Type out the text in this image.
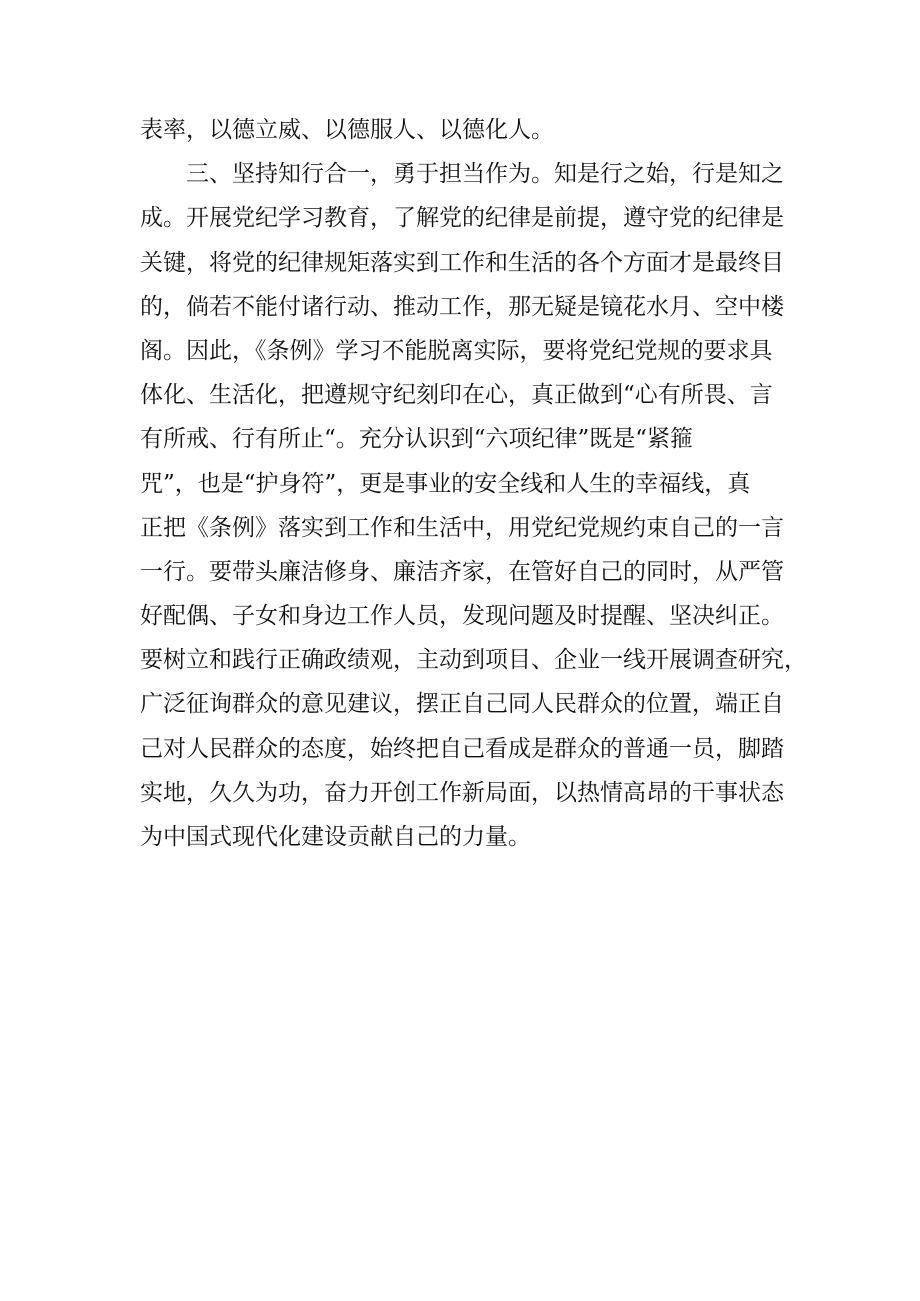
表率，以德立威、以德服人、以德化人。
三、坚持知行合一，勇于担当作为。知是行之始，行是知之
成。开展党纪学习教育，了解党的纪律是前提，遵守党的纪律是
关键，将党的纪律规矩落实到工作和生活的各个方面才是最终目
的，倘若不能付诸行动、推动工作，那无疑是镜花水月、空中楼
阁。因此，《条例》学习不能脱离实际，要将党纪党规的要求具
体化、生活化，把遵规守纪刻印在心，真正做到“心有所畏、言
有所戒、行有所止“。充分认识到“六项纪律”既是“紧箍
咒”，也是“护身符”，更是事业的安全线和人生的幸福线，真
正把《条例》落实到工作和生活中，用党纪党规约束自己的一言
一行。要带头廉洁修身、廉洁齐家，在管好自己的同时，从严管
好配偶、子女和身边工作人员，发现问题及时提醒、坚决纠正。
要树立和践行正确政绩观，主动到项目、企业一线开展调查研究，
广泛征询群众的意见建议，摆正自己同人民群众的位置，端正自
己对人民群众的态度，始终把自己看成是群众的普通一员，脚踏
实地，久久为功，奋力开创工作新局面，以热情高昂的干事状态
为中国式现代化建设贡献自己的力量。
